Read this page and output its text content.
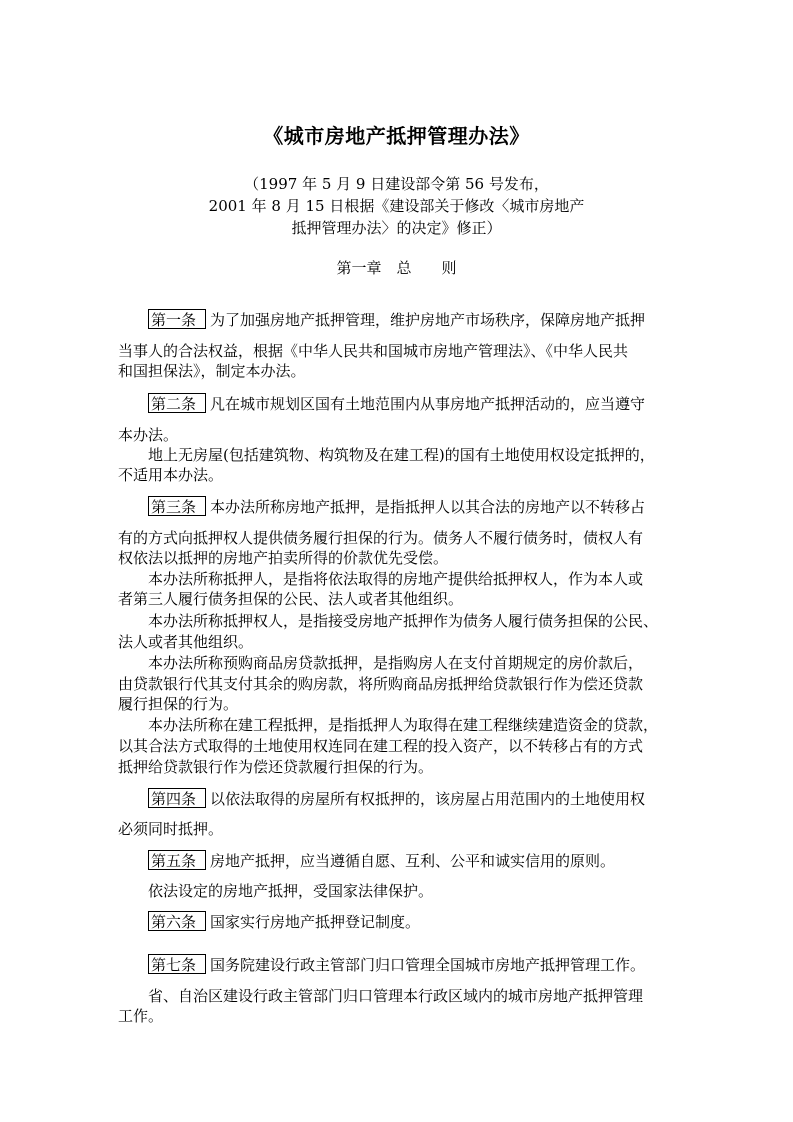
《城市房地产抵押管理办法》
（1997 年 5 月 9 日建设部令第 56 号发布，
2001 年 8 月 15 日根据《建设部关于修改〈城市房地产
抵押管理办法〉的决定》修正）
第一章　总　　则
第一条 为了加强房地产抵押管理，维护房地产市场秩序，保障房地产抵押
当事人的合法权益，根据《中华人民共和国城市房地产管理法》、《中华人民共
和国担保法》，制定本办法。
第二条 凡在城市规划区国有土地范围内从事房地产抵押活动的，应当遵守
本办法。
地上无房屋(包括建筑物、构筑物及在建工程)的国有土地使用权设定抵押的，
不适用本办法。
第三条 本办法所称房地产抵押，是指抵押人以其合法的房地产以不转移占
有的方式向抵押权人提供债务履行担保的行为。债务人不履行债务时，债权人有
权依法以抵押的房地产拍卖所得的价款优先受偿。
本办法所称抵押人，是指将依法取得的房地产提供给抵押权人，作为本人或
者第三人履行债务担保的公民、法人或者其他组织。
本办法所称抵押权人，是指接受房地产抵押作为债务人履行债务担保的公民、
法人或者其他组织。
本办法所称预购商品房贷款抵押，是指购房人在支付首期规定的房价款后，
由贷款银行代其支付其余的购房款，将所购商品房抵押给贷款银行作为偿还贷款
履行担保的行为。
本办法所称在建工程抵押，是指抵押人为取得在建工程继续建造资金的贷款，
以其合法方式取得的土地使用权连同在建工程的投入资产，以不转移占有的方式
抵押给贷款银行作为偿还贷款履行担保的行为。
第四条 以依法取得的房屋所有权抵押的，该房屋占用范围内的土地使用权
必须同时抵押。
第五条 房地产抵押，应当遵循自愿、互利、公平和诚实信用的原则。
依法设定的房地产抵押，受国家法律保护。
第六条 国家实行房地产抵押登记制度。
第七条 国务院建设行政主管部门归口管理全国城市房地产抵押管理工作。
省、自治区建设行政主管部门归口管理本行政区域内的城市房地产抵押管理
工作。
